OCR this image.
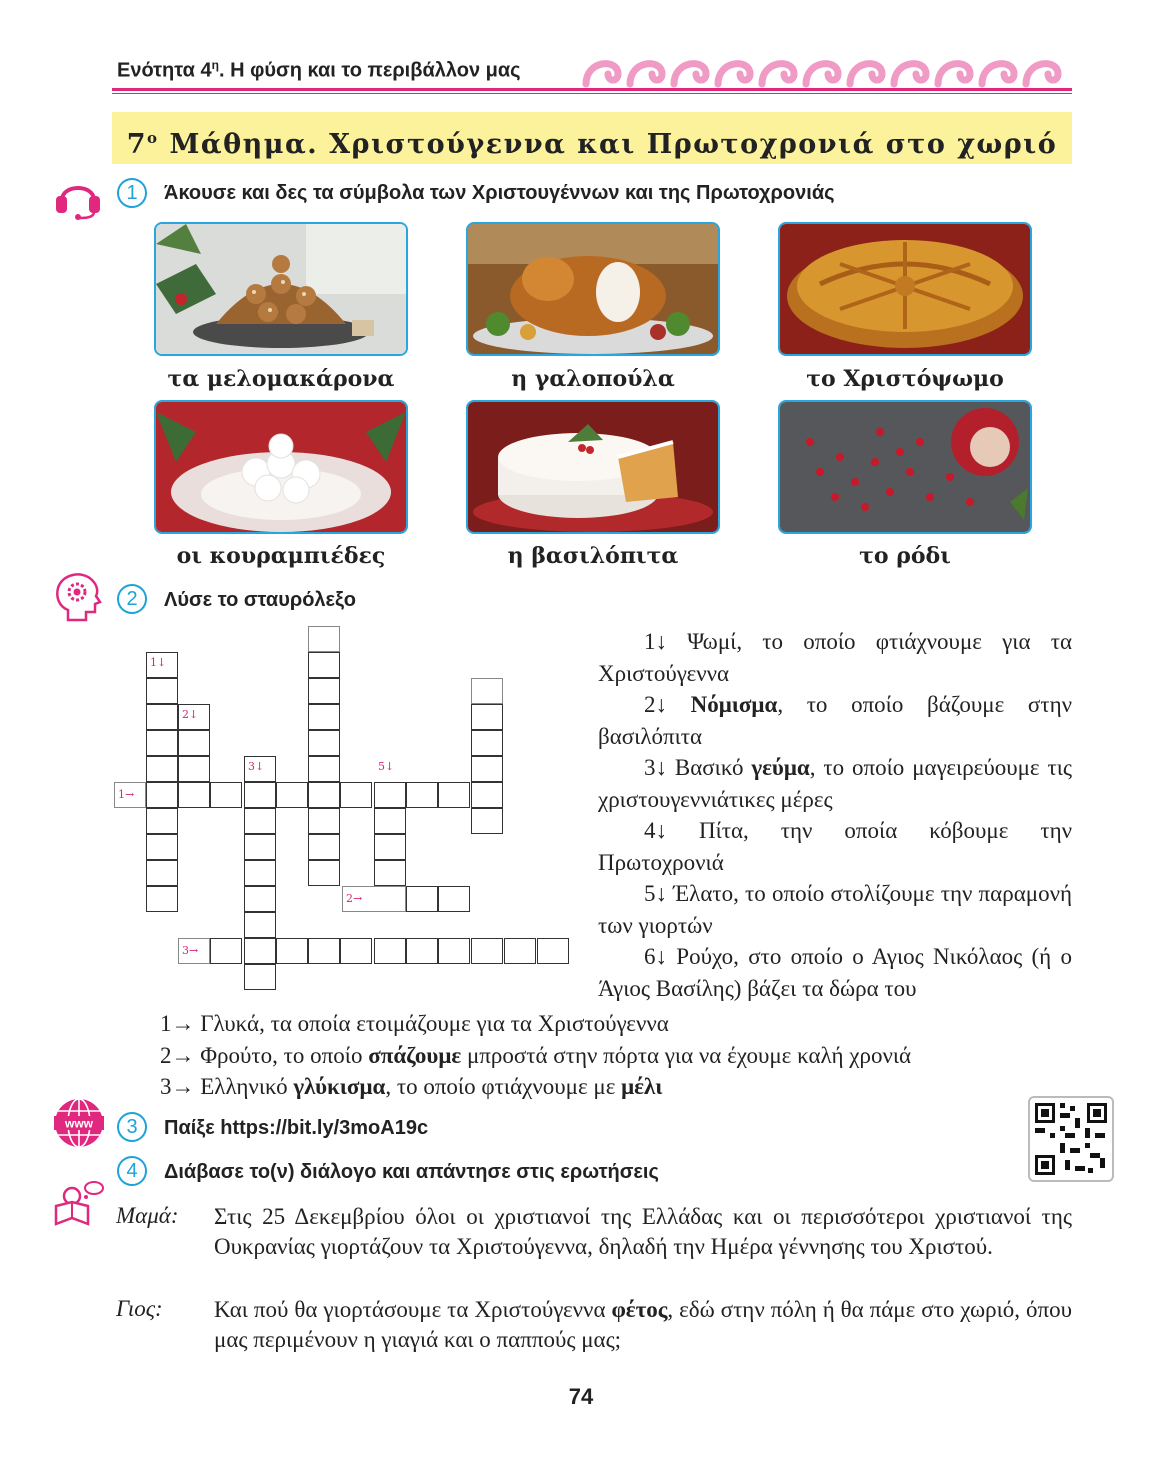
Ενότητα $4^\eta$. Η φύση και το περιβάλλον μας
$7^o$ Μάθημα. Χριστούγεννα και Πρωτοχρονιά στο χωριό
1	Άκουσε και δες τα σύμβολα των Χριστουγέννων και της Πρωτοχρονιάς
τα μελομακάρονα	η γαλοπούλα	το Χριστόψωμο
οι κουραμπιέδες	η βασιλόπιτα	το ρόδι
2	Λύσε το σταυρόλεξο
1↓
2↓
3↓	5↓
1→
2→
3→

1↓ Ψωμί, το οποίο φτιάχνουμε για τα Χριστούγεννα

2↓ Νόμισμα, το οποίο βάζουμε στην βασιλόπιτα

3↓ Βασικό γεύμα, το οποίο μαγειρεύουμε τις χριστουγεννιάτικες μέρες

4↓ Πίτα, την οποία κόβουμε την Πρωτοχρονιά

5↓ Έλατο, το οποίο στολίζουμε την παραμονή των γιορτών

6↓ Ρούχο, στο οποίο ο Αγιος Νικόλαος (ή ο Άγιος Βασίλης) βάζει τα δώρα του

1→ Γλυκά, τα οποία ετοιμάζουμε για τα Χριστούγεννα

2→ Φρούτο, το οποίο σπάζουμε μπροστά στην πόρτα για να έχουμε καλή χρονιά

3→ Ελληνικό γλύκισμα, το οποίο φτιάχνουμε με μέλι

www	3	Παίξε https://bit.ly/3moA19c
4	Διάβασε το(ν) διάλογο και απάντησε στις ερωτήσεις
Μαμά: Στις 25 Δεκεμβρίου όλοι οι χριστιανοί της Ελλάδας και οι περισσότεροι χριστιανοί της Ουκρανίας γιορτάζουν τα Χριστούγεννα, δηλαδή την Ημέρα γέννησης του Χριστού.
Γιος: Και πού θα γιορτάσουμε τα Χριστούγεννα φέτος, εδώ στην πόλη ή θα πάμε στο χωριό, όπου μας περιμένουν η γιαγιά και ο παππούς μας;
74
